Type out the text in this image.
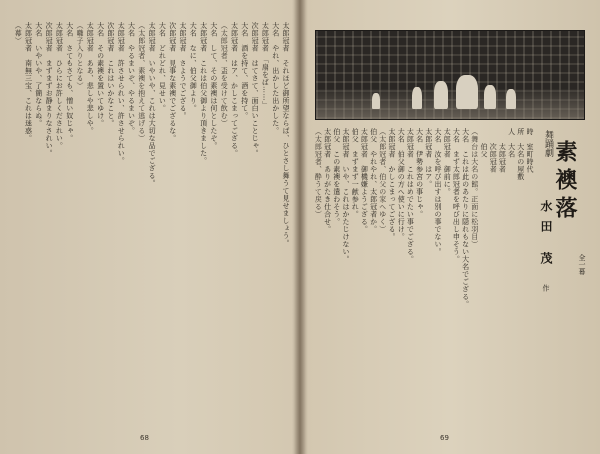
太郎冠者　それほど御所望ならば、ひとさし舞うて見せましょう。
大名　やれ、出かした出かした。
太郎冠者　「扇をば……」
次郎冠者　はてさて、面白いことじゃ。
大名　酒を持て、酒を持て。
太郎冠者　はア、かしこまってござる。
（太郎冠者、盃を受けて飲む）
大名　して、その素襖は何としたぞ。
太郎冠者　これは伯父御より頂きました。
大名　なに、伯父御より。
太郎冠者　さようでござる。
次郎冠者　見事な素襖でござるな。
大名　どれどれ、見せい。
太郎冠者　いやいや、これは大切な品でござる。
（太郎冠者、素襖を抱えて逃げる）
大名　やるまいぞ、やるまいぞ。
太郎冠者　許させられい、許させられい。
次郎冠者　これはいかなこと。
大名　その素襖を置いてゆけ。
太郎冠者　ああ、悲しや悲しや。
（囃子入りとなる）
大名　さてもさても、憎い奴じゃ。
太郎冠者　ひらにお許しくだされい。
次郎冠者　まずまずお静まりなされい。
大名　いやいや、了簡ならぬ。
太郎冠者　南無三宝、これは迷惑。
（幕）
68
舞踊劇 素襖落
全一幕
水田 茂 作
時　室町時代
所　大名の屋敷
人　大名
　　太郎冠者
　　次郎冠者
　　伯父
（舞台は大名の館。正面に松羽目）
大名　これは此のあたりに隠れもない大名でござる。
大名　まず太郎冠者を呼び出し申そう。
太郎冠者　御前に。
大名　汝を呼び出すは別の事でない。
太郎冠者　はア。
大名　伊勢参宮の事じゃ。
太郎冠者　これはめでたい事でござる。
大名　伯父御の方へ使いに行け。
太郎冠者　かしこまってござる。
（太郎冠者、伯父の家へゆく）
伯父　やれやれ、太郎冠者か。
太郎冠者　御機嫌ようござる。
伯父　まずまず一献参れ。
太郎冠者　いや、これはかたじけない。
伯父　この素襖を遣わそう。
太郎冠者　ありがたき仕合せ。
（太郎冠者、酔うて戻る）
69
